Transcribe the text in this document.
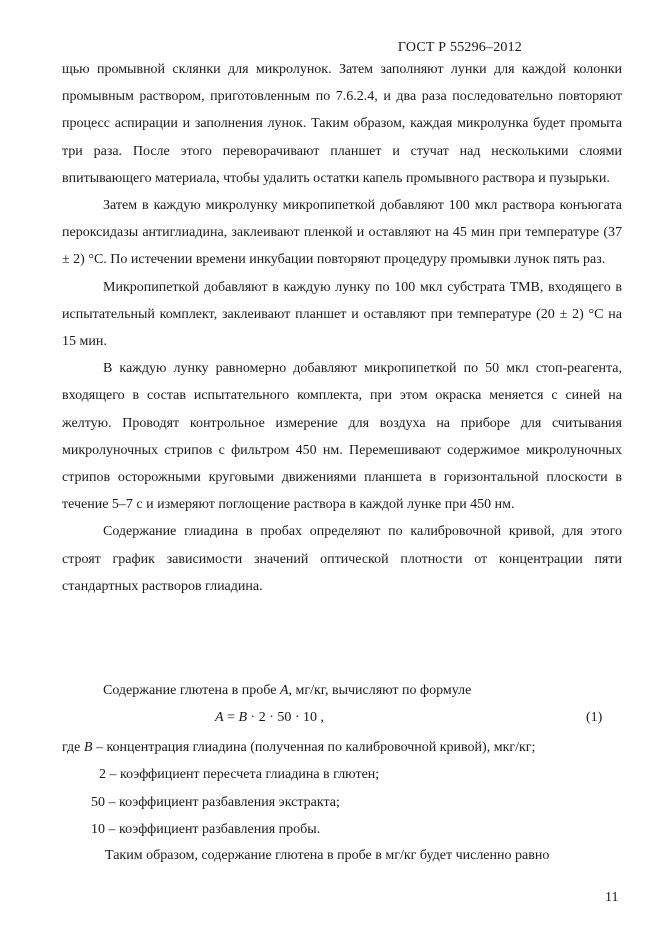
ГОСТ Р 55296–2012

щью промывной склянки для микролунок. Затем заполняют лунки для каждой колонки промывным раствором, приготовленным по 7.6.2.4, и два раза последовательно повторяют процесс аспирации и заполнения лунок. Таким образом, каждая микролунка будет промыта три раза. После этого переворачивают планшет и стучат над несколькими слоями впитывающего материала, чтобы удалить остатки капель промывного раствора и пузырьки.

Затем в каждую микролунку микропипеткой добавляют 100 мкл раствора конъюгата пероксидазы антиглиадина, заклеивают пленкой и оставляют на 45 мин при температуре (37 ± 2) °С. По истечении времени инкубации повторяют процедуру промывки лунок пять раз.

Микропипеткой добавляют в каждую лунку по 100 мкл субстрата ТМВ, входящего в испытательный комплект, заклеивают планшет и оставляют при температуре (20 ± 2) °С на 15 мин.

В каждую лунку равномерно добавляют микропипеткой по 50 мкл стоп-реагента, входящего в состав испытательного комплекта, при этом окраска меняется с синей на желтую. Проводят контрольное измерение для воздуха на приборе для считывания микролуночных стрипов с фильтром 450 нм. Перемешивают содержимое микролуночных стрипов осторожными круговыми движениями планшета в горизонтальной плоскости в течение 5–7 с и измеряют поглощение раствора в каждой лунке при 450 нм.

Содержание глиадина в пробах определяют по калибровочной кривой, для этого строят график зависимости значений оптической плотности от концентрации пяти стандартных растворов глиадина.

Содержание глютена в пробе A, мг/кг, вычисляют по формуле
A = B · 2 · 50 · 10 ,	(1)
где B – концентрация глиадина (полученная по калибровочной кривой), мкг/кг;
2 – коэффициент пересчета глиадина в глютен;
50 – коэффициент разбавления экстракта;
10 – коэффициент разбавления пробы.
Таким образом, содержание глютена в пробе в мг/кг будет численно равно
11
